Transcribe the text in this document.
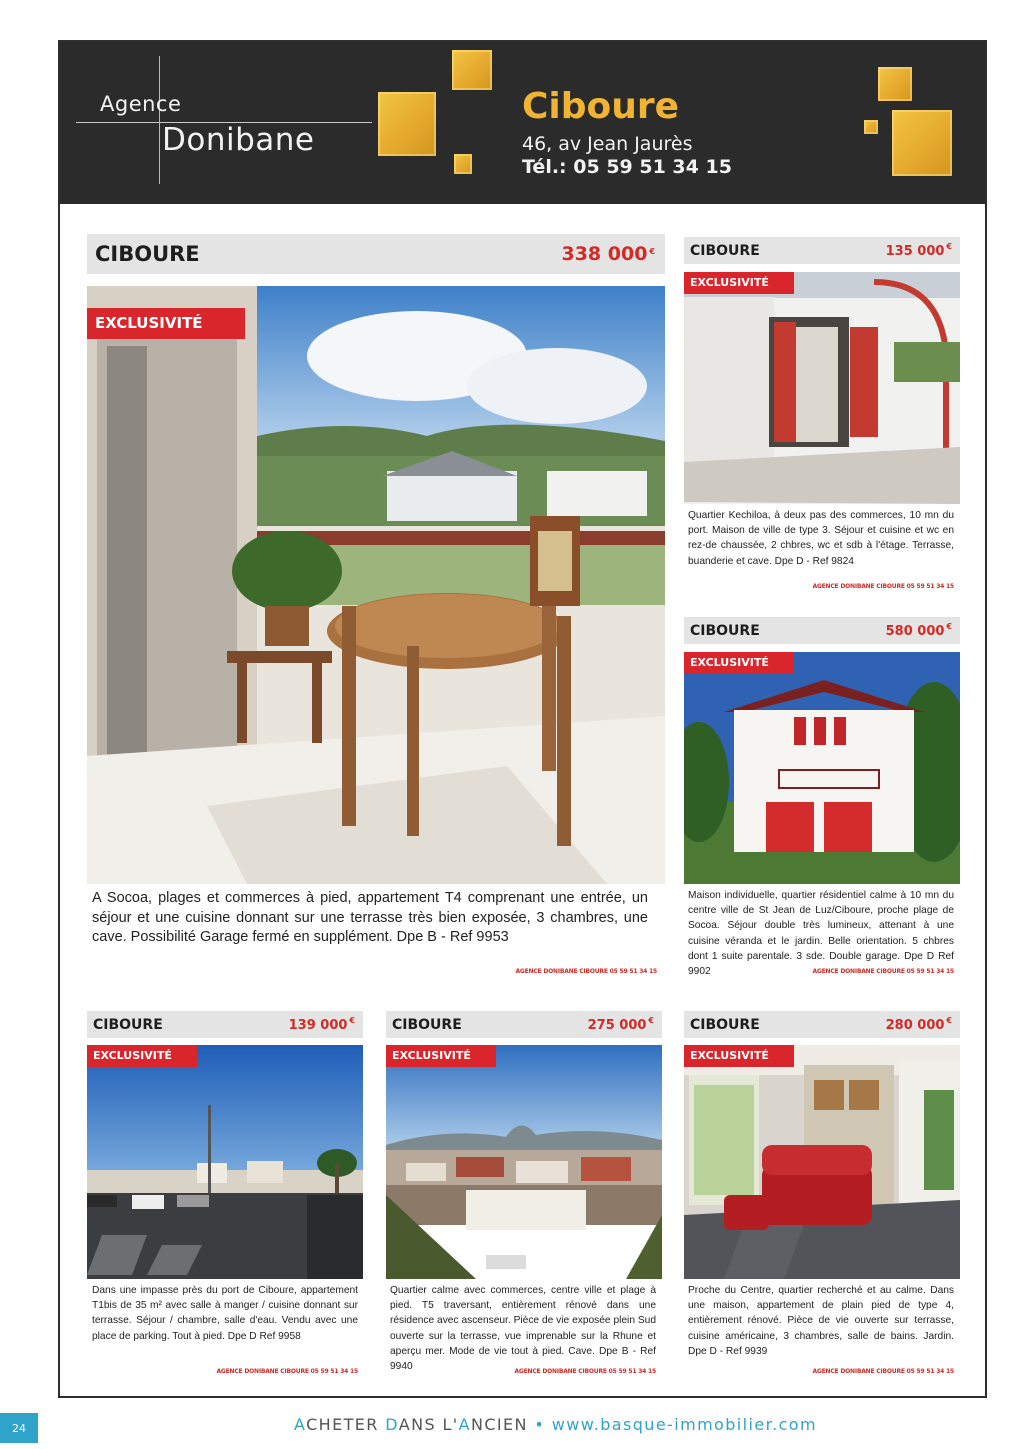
Agence
Donibane
Ciboure
46, av Jean Jaurès
Tél.: 05 59 51 34 15
CIBOURE	338 000 €
EXCLUSIVITÉ
A Socoa, plages et commerces à pied, appartement T4 comprenant une entrée, un séjour et une cuisine donnant sur une terrasse très bien exposée, 3 chambres, une cave. Possibilité Garage fermé en supplément. Dpe B - Ref 9953
AGENCE DONIBANE CIBOURE 05 59 51 34 15
CIBOURE	135 000 €
EXCLUSIVITÉ
Quartier Kechiloa, à deux pas des commerces, 10 mn du port. Maison de ville de type 3. Séjour et cuisine et wc en rez-de chaussée, 2 chbres, wc et sdb à l'étage. Terrasse, buanderie et cave. Dpe D - Ref 9824
AGENCE DONIBANE CIBOURE 05 59 51 34 15
CIBOURE	580 000 €
EXCLUSIVITÉ
Maison individuelle, quartier résidentiel calme à 10 mn du centre ville de St Jean de Luz/Ciboure, proche plage de Socoa. Séjour double très lumineux, attenant à une cuisine véranda et le jardin. Belle orientation. 5 chbres dont 1 suite parentale. 3 sde. Double garage. Dpe D Ref 9902	AGENCE DONIBANE CIBOURE 05 59 51 34 15
CIBOURE	139 000 €
EXCLUSIVITÉ
Dans une impasse près du port de Ciboure, appartement T1bis de 35 m² avec salle à manger / cuisine donnant sur terrasse. Séjour / chambre, salle d'eau. Vendu avec une place de parking. Tout à pied. Dpe D Ref 9958
AGENCE DONIBANE CIBOURE 05 59 51 34 15
CIBOURE	275 000 €
EXCLUSIVITÉ
Quartier calme avec commerces, centre ville et plage à pied. T5 traversant, entièrement rénové dans une résidence avec ascenseur. Pièce de vie exposée plein Sud ouverte sur la terrasse, vue imprenable sur la Rhune et aperçu mer. Mode de vie tout à pied. Cave. Dpe B - Ref 9940	AGENCE DONIBANE CIBOURE 05 59 51 34 15
CIBOURE	280 000 €
EXCLUSIVITÉ
Proche du Centre, quartier recherché et au calme. Dans une maison, appartement de plain pied de type 4, entièrement rénové. Pièce de vie ouverte sur terrasse, cuisine américaine, 3 chambres, salle de bains. Jardin. Dpe D - Ref 9939
AGENCE DONIBANE CIBOURE 05 59 51 34 15
24	ACHETER DANS L'ANCIEN • www.basque-immobilier.com
